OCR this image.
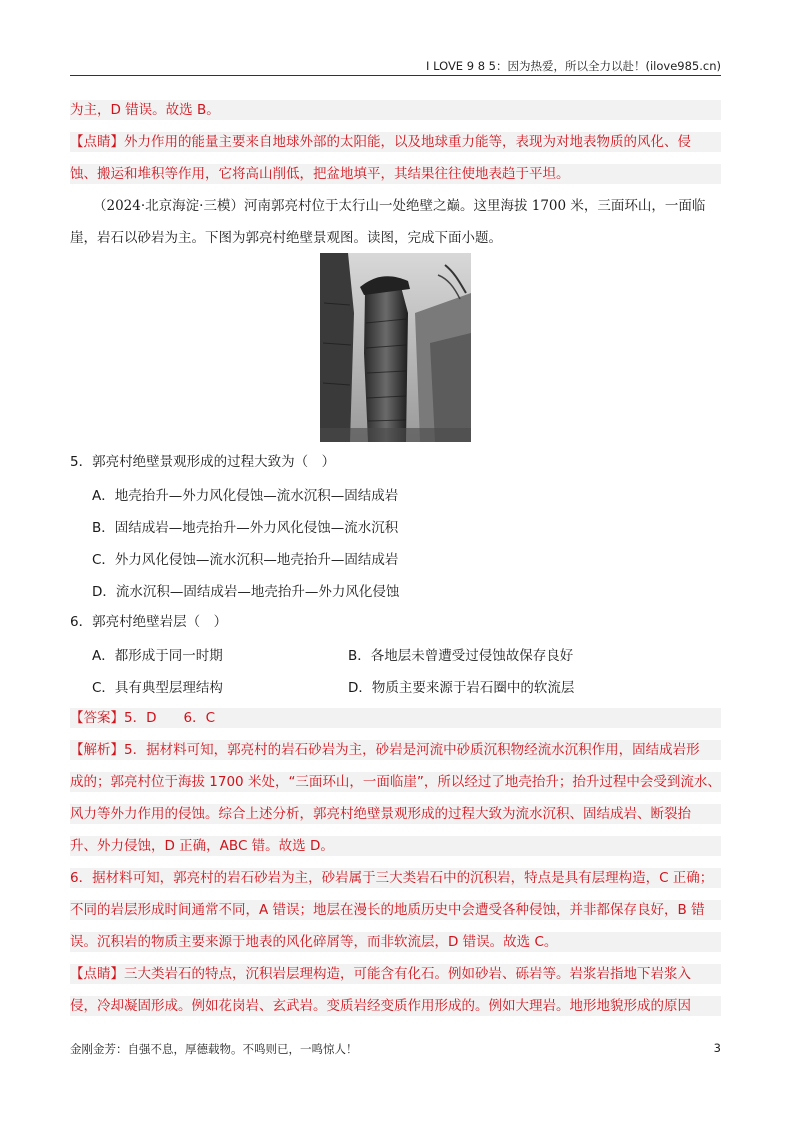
I LOVE 9 8 5：因为热爱，所以全力以赴！(ilove985.cn)
为主，D 错误。故选 B。
【点睛】外力作用的能量主要来自地球外部的太阳能，以及地球重力能等，表现为对地表物质的风化、侵
蚀、搬运和堆积等作用，它将高山削低，把盆地填平，其结果往往使地表趋于平坦。
（2024·北京海淀·三模）河南郭亮村位于太行山一处绝壁之巅。这里海拔 1700 米，三面环山，一面临
崖，岩石以砂岩为主。下图为郭亮村绝壁景观图。读图，完成下面小题。
5．郭亮村绝壁景观形成的过程大致为（　）
A．地壳抬升—外力风化侵蚀—流水沉积—固结成岩
B．固结成岩—地壳抬升—外力风化侵蚀—流水沉积
C．外力风化侵蚀—流水沉积—地壳抬升—固结成岩
D．流水沉积—固结成岩—地壳抬升—外力风化侵蚀
6．郭亮村绝壁岩层（　）
A．都形成于同一时期	B．各地层未曾遭受过侵蚀故保存良好
C．具有典型层理结构	D．物质主要来源于岩石圈中的软流层
【答案】5．D　　6．C
【解析】5．据材料可知，郭亮村的岩石砂岩为主，砂岩是河流中砂质沉积物经流水沉积作用，固结成岩形
成的；郭亮村位于海拔 1700 米处，“三面环山，一面临崖”，所以经过了地壳抬升；抬升过程中会受到流水、
风力等外力作用的侵蚀。综合上述分析，郭亮村绝壁景观形成的过程大致为流水沉积、固结成岩、断裂抬
升、外力侵蚀，D 正确，ABC 错。故选 D。
6．据材料可知，郭亮村的岩石砂岩为主，砂岩属于三大类岩石中的沉积岩，特点是具有层理构造，C 正确；
不同的岩层形成时间通常不同，A 错误；地层在漫长的地质历史中会遭受各种侵蚀，并非都保存良好，B 错
误。沉积岩的物质主要来源于地表的风化碎屑等，而非软流层，D 错误。故选 C。
【点睛】三大类岩石的特点，沉积岩层理构造，可能含有化石。例如砂岩、砾岩等。岩浆岩指地下岩浆入
侵，冷却凝固形成。例如花岗岩、玄武岩。变质岩经变质作用形成的。例如大理岩。地形地貌形成的原因
金刚金芳：自强不息，厚德载物。不鸣则已，一鸣惊人！	3
